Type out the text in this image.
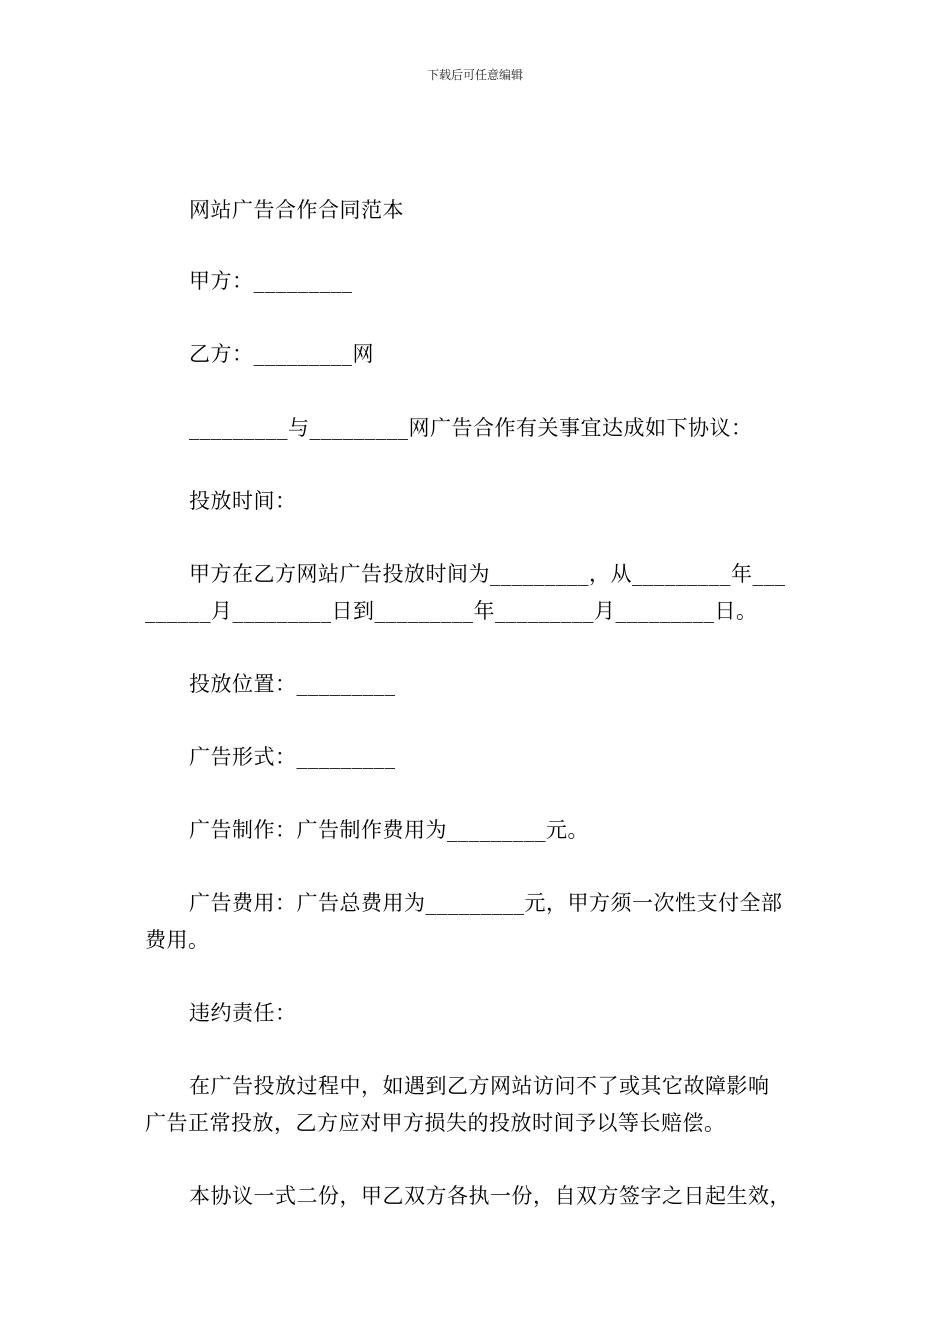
下载后可任意编辑
网站广告合作合同范本
甲方：_________
乙方：_________网
_________与_________网广告合作有关事宜达成如下协议：
投放时间：
甲方在乙方网站广告投放时间为_________，从_________年___
______月_________日到_________年_________月_________日。
投放位置：_________
广告形式：_________
广告制作：广告制作费用为_________元。
广告费用：广告总费用为_________元，甲方须一次性支付全部
费用。
违约责任：
在广告投放过程中，如遇到乙方网站访问不了或其它故障影响
广告正常投放，乙方应对甲方损失的投放时间予以等长赔偿。
本协议一式二份，甲乙双方各执一份，自双方签字之日起生效，
